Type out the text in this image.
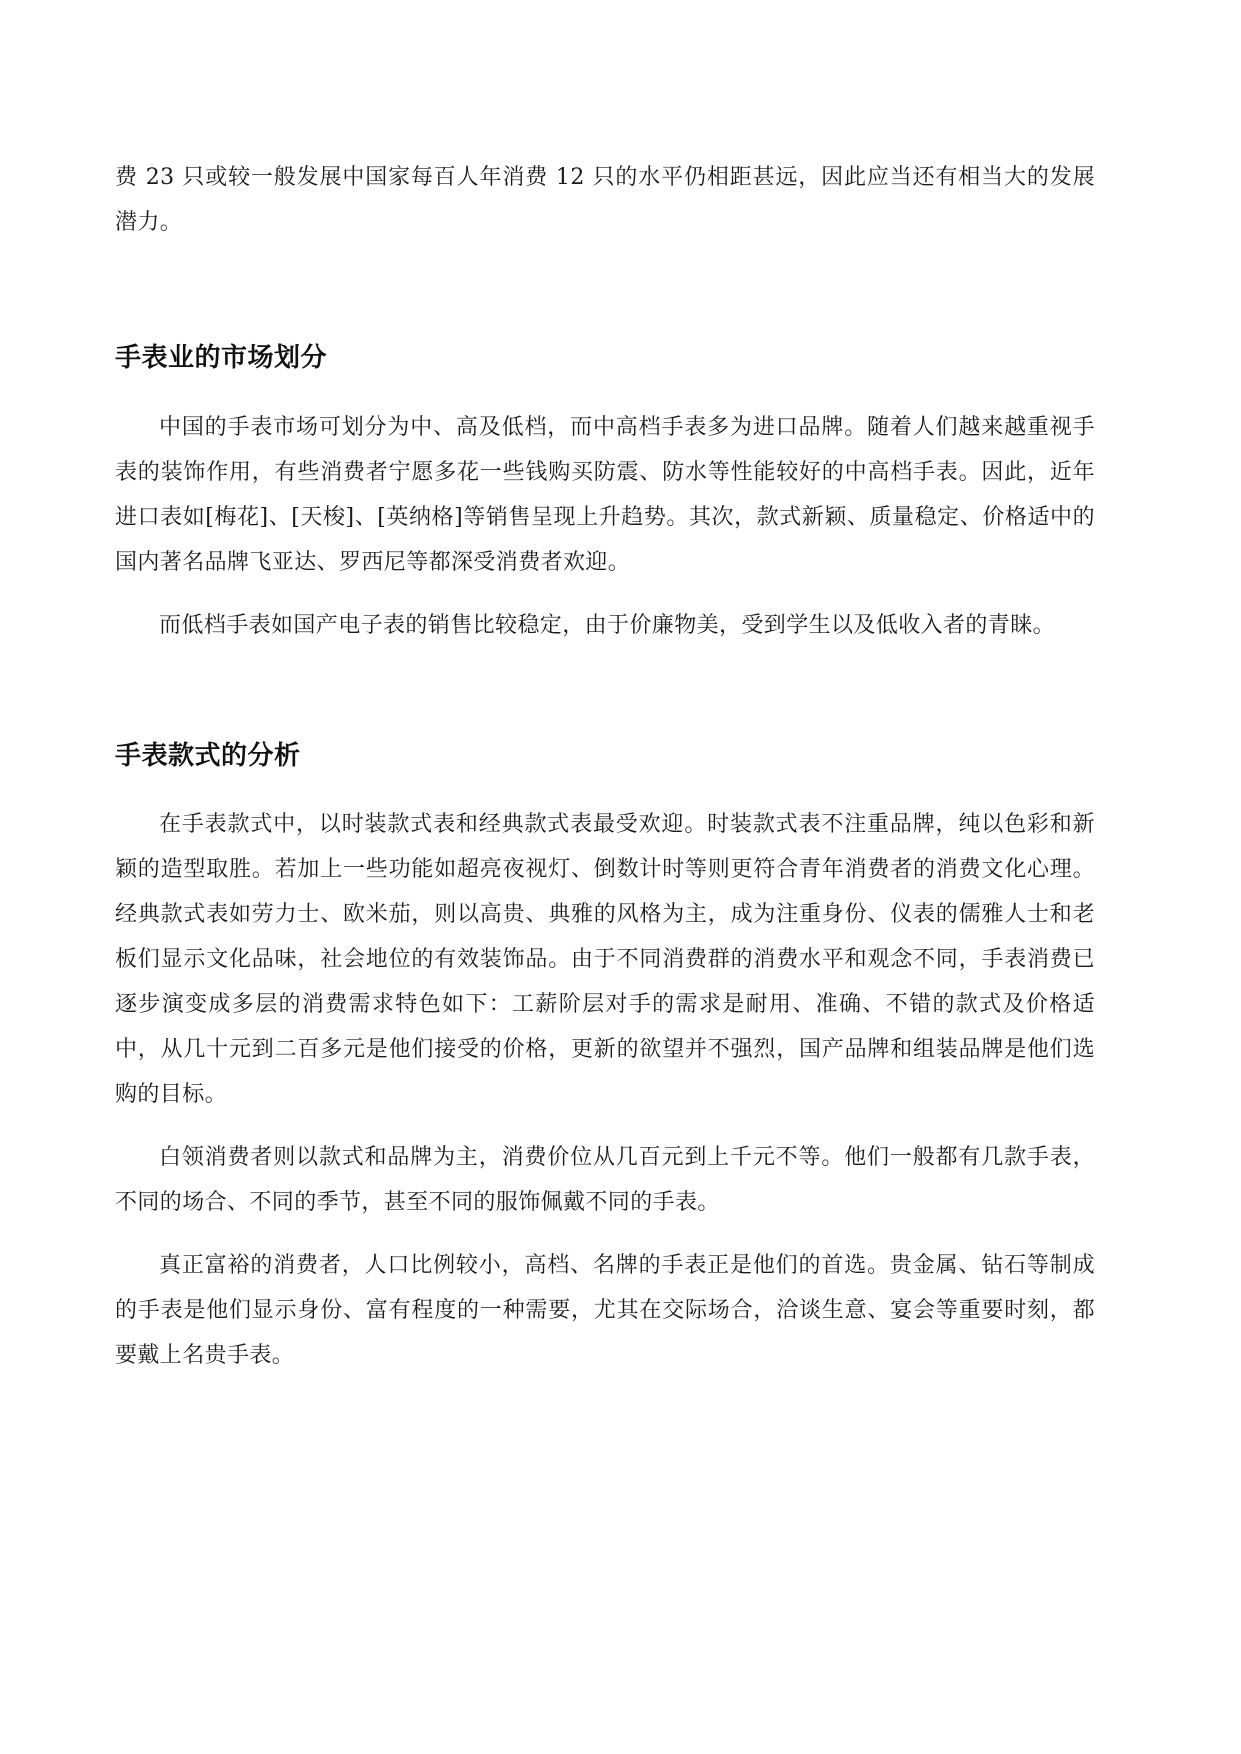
费 23 只或较一般发展中国家每百人年消费 12 只的水平仍相距甚远，因此应当还有相当大的发展潜力。

手表业的市场划分

中国的手表市场可划分为中、高及低档，而中高档手表多为进口品牌。随着人们越来越重视手表的装饰作用，有些消费者宁愿多花一些钱购买防震、防水等性能较好的中高档手表。因此，近年进口表如[梅花]、[天梭]、[英纳格]等销售呈现上升趋势。其次，款式新颖、质量稳定、价格适中的国内著名品牌飞亚达、罗西尼等都深受消费者欢迎。

而低档手表如国产电子表的销售比较稳定，由于价廉物美，受到学生以及低收入者的青睐。

手表款式的分析

在手表款式中，以时装款式表和经典款式表最受欢迎。时装款式表不注重品牌，纯以色彩和新颖的造型取胜。若加上一些功能如超亮夜视灯、倒数计时等则更符合青年消费者的消费文化心理。经典款式表如劳力士、欧米茄，则以高贵、典雅的风格为主，成为注重身份、仪表的儒雅人士和老板们显示文化品味，社会地位的有效装饰品。由于不同消费群的消费水平和观念不同，手表消费已逐步演变成多层的消费需求特色如下：工薪阶层对手的需求是耐用、准确、不错的款式及价格适中，从几十元到二百多元是他们接受的价格，更新的欲望并不强烈，国产品牌和组装品牌是他们选购的目标。

白领消费者则以款式和品牌为主，消费价位从几百元到上千元不等。他们一般都有几款手表，不同的场合、不同的季节，甚至不同的服饰佩戴不同的手表。

真正富裕的消费者，人口比例较小，高档、名牌的手表正是他们的首选。贵金属、钻石等制成的手表是他们显示身份、富有程度的一种需要，尤其在交际场合，洽谈生意、宴会等重要时刻，都要戴上名贵手表。
